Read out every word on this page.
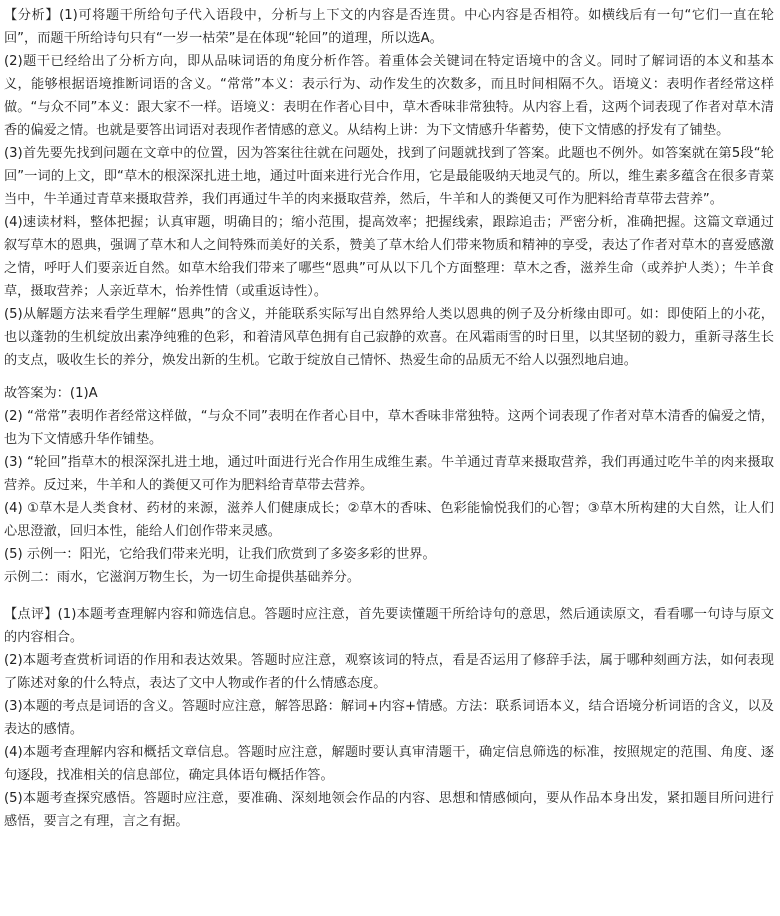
【分析】(1)可将题干所给句子代入语段中，分析与上下文的内容是否连贯。中心内容是否相符。如横线后有一句“它们一直在轮回”，而题干所给诗句只有“一岁一枯荣”是在体现“轮回”的道理，所以选A。

(2)题干已经给出了分析方向，即从品味词语的角度分析作答。着重体会关键词在特定语境中的含义。同时了解词语的本义和基本义，能够根据语境推断词语的含义。“常常”本义：表示行为、动作发生的次数多，而且时间相隔不久。语境义：表明作者经常这样做。“与众不同”本义：跟大家不一样。语境义：表明在作者心目中，草木香味非常独特。从内容上看，这两个词表现了作者对草木清香的偏爱之情。也就是要答出词语对表现作者情感的意义。从结构上讲：为下文情感升华蓄势，使下文情感的抒发有了铺垫。

(3)首先要先找到问题在文章中的位置，因为答案往往就在问题处，找到了问题就找到了答案。此题也不例外。如答案就在第5段“轮回”一词的上文，即“草木的根深深扎进土地，通过叶面来进行光合作用，它是最能吸纳天地灵气的。所以，维生素多蕴含在很多青菜当中，牛羊通过青草来摄取营养，我们再通过牛羊的肉来摄取营养，然后，牛羊和人的粪便又可作为肥料给青草带去营养”。

(4)速读材料，整体把握；认真审题，明确目的；缩小范围，提高效率；把握线索，跟踪追击；严密分析，准确把握。这篇文章通过叙写草木的恩典，强调了草木和人之间特殊而美好的关系，赞美了草木给人们带来物质和精神的享受，表达了作者对草木的喜爱感激之情，呼吁人们要亲近自然。如草木给我们带来了哪些“恩典”可从以下几个方面整理：草木之香，滋养生命（或养护人类）；牛羊食草，摄取营养；人亲近草木，怡养性情（或重返诗性）。

(5)从解题方法来看学生理解“恩典”的含义，并能联系实际写出自然界给人类以恩典的例子及分析缘由即可。如：即使陌上的小花，也以蓬勃的生机绽放出素净纯雅的色彩，和着清风草色拥有自己寂静的欢喜。在风霜雨雪的时日里，以其坚韧的毅力，重新寻落生长的支点，吸收生长的养分，焕发出新的生机。它敢于绽放自己情怀、热爱生命的品质无不给人以强烈地启迪。

故答案为：(1)A

(2) “常常”表明作者经常这样做，“与众不同”表明在作者心目中，草木香味非常独特。这两个词表现了作者对草木清香的偏爱之情，也为下文情感升华作铺垫。

(3) “轮回”指草木的根深深扎进土地，通过叶面进行光合作用生成维生素。牛羊通过青草来摄取营养，我们再通过吃牛羊的肉来摄取营养。反过来，牛羊和人的粪便又可作为肥料给青草带去营养。

(4) ①草木是人类食材、药材的来源，滋养人们健康成长；②草木的香味、色彩能愉悦我们的心智；③草木所构建的大自然，让人们心思澄澈，回归本性，能给人们创作带来灵感。

(5) 示例一：阳光，它给我们带来光明，让我们欣赏到了多姿多彩的世界。

示例二：雨水，它滋润万物生长，为一切生命提供基础养分。

【点评】(1)本题考查理解内容和筛选信息。答题时应注意，首先要读懂题干所给诗句的意思，然后通读原文，看看哪一句诗与原文的内容相合。

(2)本题考查赏析词语的作用和表达效果。答题时应注意，观察该词的特点，看是否运用了修辞手法，属于哪种刻画方法，如何表现了陈述对象的什么特点，表达了文中人物或作者的什么情感态度。

(3)本题的考点是词语的含义。答题时应注意，解答思路：解词+内容+情感。方法：联系词语本义，结合语境分析词语的含义，以及表达的感情。

(4)本题考查理解内容和概括文章信息。答题时应注意，解题时要认真审清题干，确定信息筛选的标准，按照规定的范围、角度、逐句逐段，找准相关的信息部位，确定具体语句概括作答。

(5)本题考查探究感悟。答题时应注意，要准确、深刻地领会作品的内容、思想和情感倾向，要从作品本身出发，紧扣题目所问进行感悟，要言之有理，言之有据。
